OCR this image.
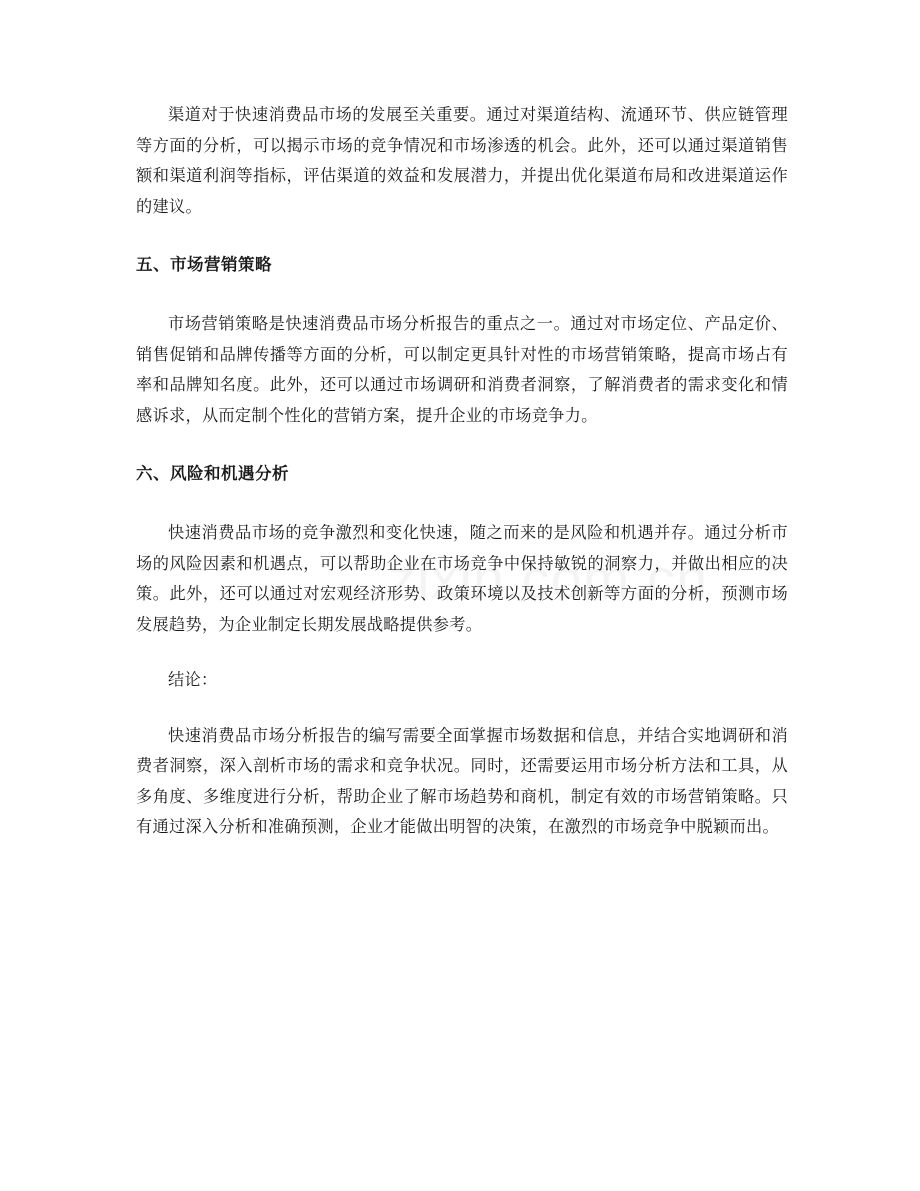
渠道对于快速消费品市场的发展至关重要。通过对渠道结构、流通环节、供应链管理等方面的分析，可以揭示市场的竞争情况和市场渗透的机会。此外，还可以通过渠道销售额和渠道利润等指标，评估渠道的效益和发展潜力，并提出优化渠道布局和改进渠道运作的建议。

五、市场营销策略

市场营销策略是快速消费品市场分析报告的重点之一。通过对市场定位、产品定价、销售促销和品牌传播等方面的分析，可以制定更具针对性的市场营销策略，提高市场占有率和品牌知名度。此外，还可以通过市场调研和消费者洞察，了解消费者的需求变化和情感诉求，从而定制个性化的营销方案，提升企业的市场竞争力。

六、风险和机遇分析

快速消费品市场的竞争激烈和变化快速，随之而来的是风险和机遇并存。通过分析市场的风险因素和机遇点，可以帮助企业在市场竞争中保持敏锐的洞察力，并做出相应的决策。此外，还可以通过对宏观经济形势、政策环境以及技术创新等方面的分析，预测市场发展趋势，为企业制定长期发展战略提供参考。

结论：

快速消费品市场分析报告的编写需要全面掌握市场数据和信息，并结合实地调研和消费者洞察，深入剖析市场的需求和竞争状况。同时，还需要运用市场分析方法和工具，从多角度、多维度进行分析，帮助企业了解市场趋势和商机，制定有效的市场营销策略。只有通过深入分析和准确预测，企业才能做出明智的决策，在激烈的市场竞争中脱颖而出。
